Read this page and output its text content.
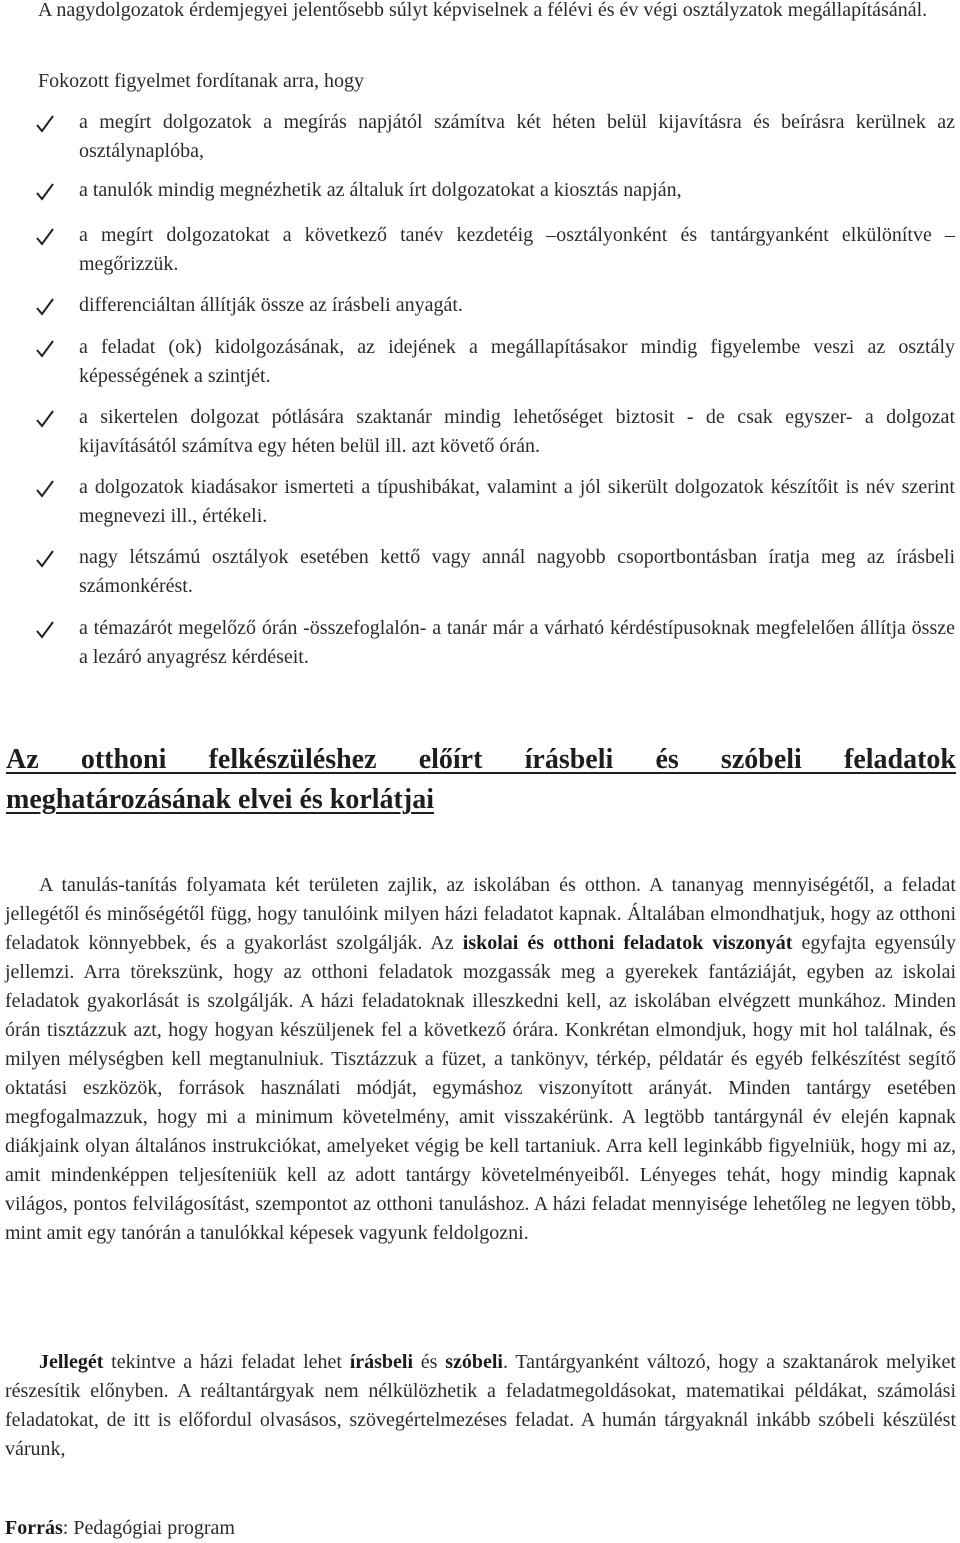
A nagydolgozatok érdemjegyei jelentősebb súlyt képviselnek a félévi és év végi osztályzatok megállapításánál.

Fokozott figyelmet fordítanak arra, hogy

a megírt dolgozatok a megírás napjától számítva két héten belül kijavításra és beírásra kerülnek az osztálynaplóba,

a tanulók mindig megnézhetik az általuk írt dolgozatokat a kiosztás napján,

a megírt dolgozatokat a következő tanév kezdetéig –osztályonként és tantárgyanként elkülönítve – megőrizzük.

differenciáltan állítják össze az írásbeli anyagát.

a feladat (ok) kidolgozásának, az idejének a megállapításakor mindig figyelembe veszi az osztály képességének a szintjét.

a sikertelen dolgozat pótlására szaktanár mindig lehetőséget biztosit - de csak egyszer- a dolgozat kijavításától számítva egy héten belül ill. azt követő órán.

a dolgozatok kiadásakor ismerteti a típushibákat, valamint a jól sikerült dolgozatok készítőit is név szerint megnevezi ill., értékeli.

nagy létszámú osztályok esetében kettő vagy annál nagyobb csoportbontásban íratja meg az írásbeli számonkérést.

a témazárót megelőző órán -összefoglalón- a tanár már a várható kérdéstípusoknak megfelelően állítja össze a lezáró anyagrész kérdéseit.

Az otthoni felkészüléshez előírt írásbeli és szóbeli feladatok
meghatározásának elvei és korlátjai

A tanulás-tanítás folyamata két területen zajlik, az iskolában és otthon. A tananyag mennyiségétől, a feladat jellegétől és minőségétől függ, hogy tanulóink milyen házi feladatot kapnak. Általában elmondhatjuk, hogy az otthoni feladatok könnyebbek, és a gyakorlást szolgálják. Az iskolai és otthoni feladatok viszonyát egyfajta egyensúly jellemzi. Arra törekszünk, hogy az otthoni feladatok mozgassák meg a gyerekek fantáziáját, egyben az iskolai feladatok gyakorlását is szolgálják. A házi feladatoknak illeszkedni kell, az iskolában elvégzett munkához. Minden órán tisztázzuk azt, hogy hogyan készüljenek fel a következő órára. Konkrétan elmondjuk, hogy mit hol találnak, és milyen mélységben kell megtanulniuk. Tisztázzuk a füzet, a tankönyv, térkép, példatár és egyéb felkészítést segítő oktatási eszközök, források használati módját, egymáshoz viszonyított arányát. Minden tantárgy esetében megfogalmazzuk, hogy mi a minimum követelmény, amit visszakérünk. A legtöbb tantárgynál év elején kapnak diákjaink olyan általános instrukciókat, amelyeket végig be kell tartaniuk. Arra kell leginkább figyelniük, hogy mi az, amit mindenképpen teljesíteniük kell az adott tantárgy követelményeiből. Lényeges tehát, hogy mindig kapnak világos, pontos felvilágosítást, szempontot az otthoni tanuláshoz. A házi feladat mennyisége lehetőleg ne legyen több, mint amit egy tanórán a tanulókkal képesek vagyunk feldolgozni.

Jellegét tekintve a házi feladat lehet írásbeli és szóbeli. Tantárgyanként változó, hogy a szaktanárok melyiket részesítik előnyben. A reáltantárgyak nem nélkülözhetik a feladatmegoldásokat, matematikai példákat, számolási feladatokat, de itt is előfordul olvasásos, szövegértelmezéses feladat. A humán tárgyaknál inkább szóbeli készülést várunk,

Forrás: Pedagógiai program
